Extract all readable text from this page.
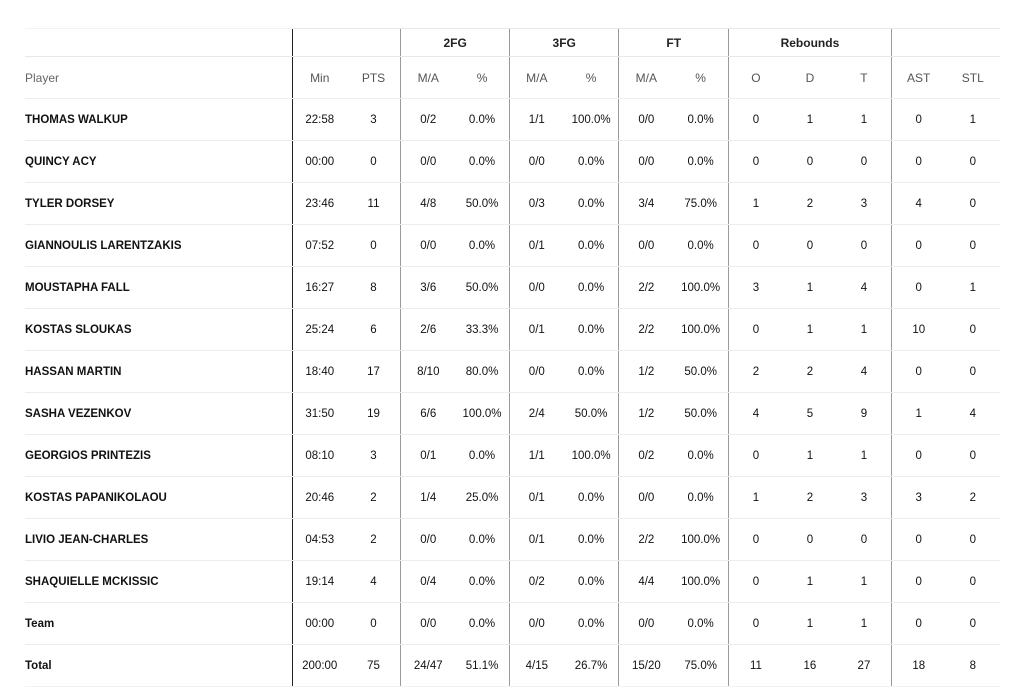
			2FG		3FG		FT		Rebounds				
Player	Min	PTS	M/A	%	M/A	%	M/A	%	O	D	T	AST	STL
THOMAS WALKUP	22:58	3	0/2	0.0%	1/1	100.0%	0/0	0.0%	0	1	1	0	1
QUINCY ACY	00:00	0	0/0	0.0%	0/0	0.0%	0/0	0.0%	0	0	0	0	0
TYLER DORSEY	23:46	11	4/8	50.0%	0/3	0.0%	3/4	75.0%	1	2	3	4	0
GIANNOULIS LARENTZAKIS	07:52	0	0/0	0.0%	0/1	0.0%	0/0	0.0%	0	0	0	0	0
MOUSTAPHA FALL	16:27	8	3/6	50.0%	0/0	0.0%	2/2	100.0%	3	1	4	0	1
KOSTAS SLOUKAS	25:24	6	2/6	33.3%	0/1	0.0%	2/2	100.0%	0	1	1	10	0
HASSAN MARTIN	18:40	17	8/10	80.0%	0/0	0.0%	1/2	50.0%	2	2	4	0	0
SASHA VEZENKOV	31:50	19	6/6	100.0%	2/4	50.0%	1/2	50.0%	4	5	9	1	4
GEORGIOS PRINTEZIS	08:10	3	0/1	0.0%	1/1	100.0%	0/2	0.0%	0	1	1	0	0
KOSTAS PAPANIKOLAOU	20:46	2	1/4	25.0%	0/1	0.0%	0/0	0.0%	1	2	3	3	2
LIVIO JEAN-CHARLES	04:53	2	0/0	0.0%	0/1	0.0%	2/2	100.0%	0	0	0	0	0
SHAQUIELLE MCKISSIC	19:14	4	0/4	0.0%	0/2	0.0%	4/4	100.0%	0	1	1	0	0
Team	00:00	0	0/0	0.0%	0/0	0.0%	0/0	0.0%	0	1	1	0	0
Total	200:00	75	24/47	51.1%	4/15	26.7%	15/20	75.0%	11	16	27	18	8
